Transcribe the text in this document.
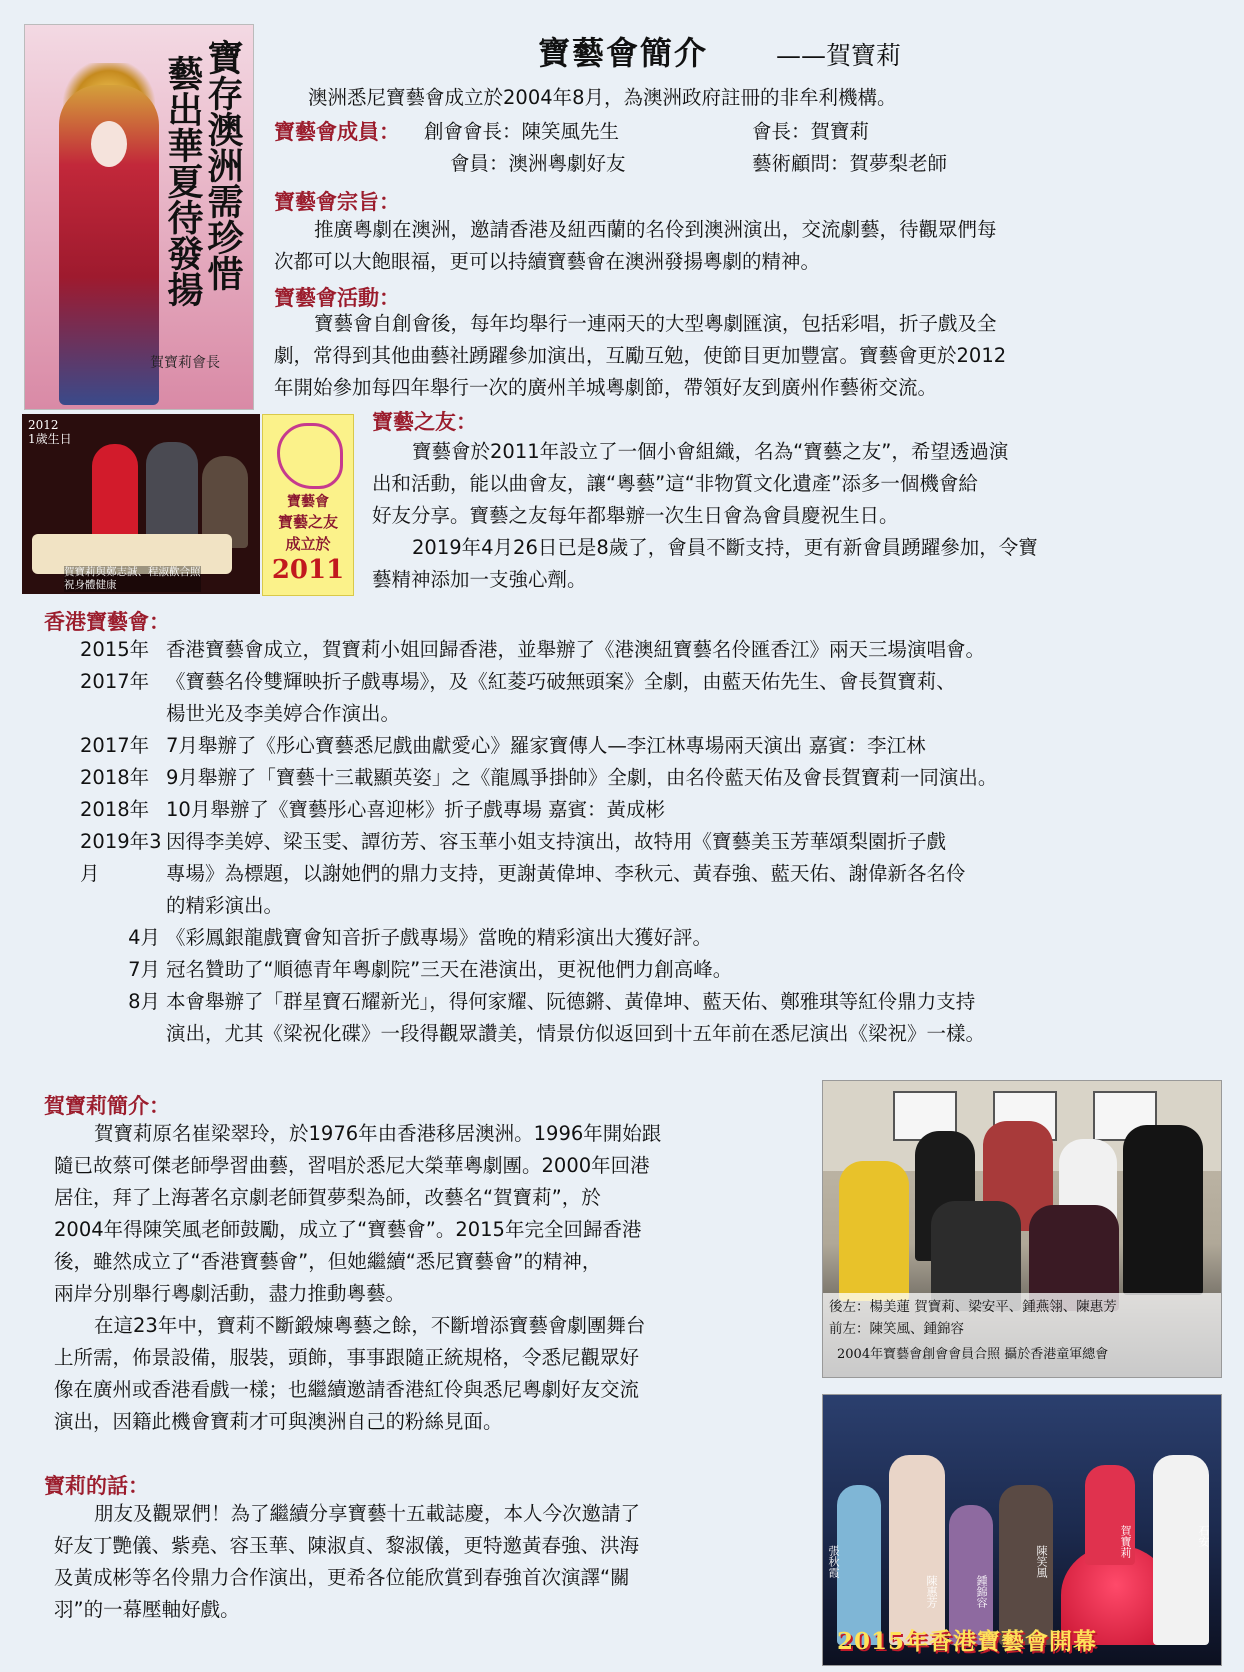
寶藝會簡介	——賀寶莉
寶存澳洲需珍惜
藝出華夏待發揚
賀寶莉會長
澳洲悉尼寶藝會成立於2004年8月，為澳洲政府註冊的非牟利機構。
寶藝會成員： 創會會長：陳笑風先生	會長：賀寶莉
會員：澳洲粵劇好友	藝術顧問：賀夢梨老師
寶藝會宗旨：
推廣粵劇在澳洲，邀請香港及紐西蘭的名伶到澳洲演出，交流劇藝，待觀眾們每
次都可以大飽眼福，更可以持續寶藝會在澳洲發揚粵劇的精神。
寶藝會活動：
寶藝會自創會後，每年均舉行一連兩天的大型粵劇匯演，包括彩唱，折子戲及全
劇，常得到其他曲藝社踴躍參加演出，互勵互勉，使節目更加豐富。寶藝會更於2012
年開始參加每四年舉行一次的廣州羊城粵劇節，帶領好友到廣州作藝術交流。
2012
1歲生日
賀寶莉與鄭志誠、程淑歡合照
祝身體健康
寶藝會
寶藝之友
成立於
2011
寶藝之友：
寶藝會於2011年設立了一個小會組織，名為“寶藝之友”，希望透過演
出和活動，能以曲會友，讓“粵藝”這“非物質文化遺產”添多一個機會給
好友分享。寶藝之友每年都舉辦一次生日會為會員慶祝生日。
2019年4月26日已是8歲了，會員不斷支持，更有新會員踴躍參加，令寶
藝精神添加一支強心劑。
香港寶藝會：
2015年 香港寶藝會成立，賀寶莉小姐回歸香港，並舉辦了《港澳紐寶藝名伶匯香江》兩天三場演唱會。
2017年 《寶藝名伶雙輝映折子戲專場》，及《紅菱巧破無頭案》全劇，由藍天佑先生、會長賀寶莉、
楊世光及李美婷合作演出。
2017年 7月舉辦了《彤心寶藝悉尼戲曲獻愛心》羅家寶傳人—李江林專場兩天演出 嘉賓：李江林
2018年 9月舉辦了「寶藝十三載顯英姿」之《龍鳳爭掛帥》全劇，由名伶藍天佑及會長賀寶莉一同演出。
2018年 10月舉辦了《寶藝彤心喜迎彬》折子戲專場 嘉賓：黃成彬
2019年3月
因得李美婷、梁玉雯、譚彷芳、容玉華小姐支持演出，故特用《寶藝美玉芳華頌梨園折子戲
專場》為標題，以謝她們的鼎力支持，更謝黃偉坤、李秋元、黃春強、藍天佑、謝偉新各名伶
的精彩演出。
4月 《彩鳳銀龍戲寶會知音折子戲專場》當晚的精彩演出大獲好評。
7月 冠名贊助了“順德青年粵劇院”三天在港演出，更祝他們力創高峰。
8月 本會舉辦了「群星寶石耀新光」，得何家耀、阮德鏘、黃偉坤、藍天佑、鄭雅琪等紅伶鼎力支持
演出，尤其《梁祝化碟》一段得觀眾讚美，情景仿似返回到十五年前在悉尼演出《梁祝》一樣。
賀寶莉簡介：
賀寶莉原名崔梁翠玲，於1976年由香港移居澳洲。1996年開始跟
隨已故蔡可傑老師學習曲藝，習唱於悉尼大榮華粵劇團。2000年回港
居住，拜了上海著名京劇老師賀夢梨為師，改藝名“賀寶莉”，於
2004年得陳笑風老師鼓勵，成立了“寶藝會”。2015年完全回歸香港
後，雖然成立了“香港寶藝會”，但她繼續“悉尼寶藝會”的精神，
兩岸分別舉行粵劇活動，盡力推動粵藝。
在這23年中，寶莉不斷鍛煉粵藝之餘，不斷增添寶藝會劇團舞台
上所需，佈景設備，服裝，頭飾，事事跟隨正統規格，令悉尼觀眾好
像在廣州或香港看戲一樣；也繼續邀請香港紅伶與悉尼粵劇好友交流
演出，因籍此機會寶莉才可與澳洲自己的粉絲見面。
寶莉的話：
朋友及觀眾們！為了繼續分享寶藝十五載誌慶，本人今次邀請了
好友丁艷儀、紫堯、容玉華、陳淑貞、黎淑儀，更特邀黃春強、洪海
及黃成彬等名伶鼎力合作演出，更希各位能欣賞到春強首次演譯“關
羽”的一幕壓軸好戲。
後左：楊美蓮 賀寶莉、梁安平、鍾燕翎、陳惠芳
前左：陳笑風、鍾錦容
2004年寶藝會創會會員合照 攝於香港童軍總會
張秋霞
陳惠芳	鍾錦容
陳笑風
賀寶莉	石安
2015年香港寶藝會開幕
